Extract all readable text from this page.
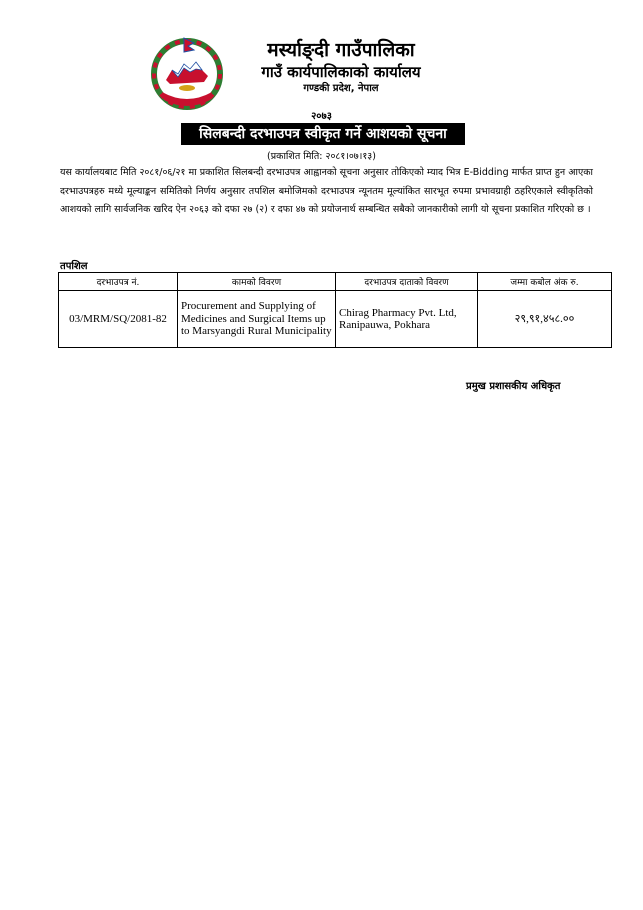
मर्स्याङ्दी गाउँपालिका
गाउँ कार्यपालिकाको कार्यालय
गण्डकी प्रदेश, नेपाल
२०७३
सिलबन्दी दरभाउपत्र स्वीकृत गर्ने आशयको सूचना
(प्रकाशित मिति: २०८१।०७।१३)
यस कार्यालयबाट मिति २०८१/०६/२१ मा प्रकाशित सिलबन्दी दरभाउपत्र आह्वानको सूचना अनुसार तोकिएको म्याद भित्र E-Bidding मार्फत प्राप्त हुन आएका दरभाउपत्रहरु मध्ये मूल्याङ्कन समितिको निर्णय अनुसार तपशिल बमोजिमको दरभाउपत्र न्यूनतम मूल्यांकित सारभूत रुपमा प्रभावग्राही ठहरिएकाले स्वीकृतिको आशयको लागि सार्वजनिक खरिद ऐन २०६३ को दफा २७ (२) र दफा ४७ को प्रयोजनार्थ सम्बन्धित सबैको जानकारीको लागी यो सूचना प्रकाशित गरिएको छ ।
तपशिल
दरभाउपत्र नं.	कामको विवरण	दरभाउपत्र दाताको विवरण	जम्मा कबोल अंक रु.
03/MRM/SQ/2081-82	Procurement and Supplying of Medicines and Surgical Items up to Marsyangdi Rural Municipality	Chirag Pharmacy Pvt. Ltd, Ranipauwa, Pokhara	२९,९१,४५८.००
प्रमुख प्रशासकीय अधिकृत
